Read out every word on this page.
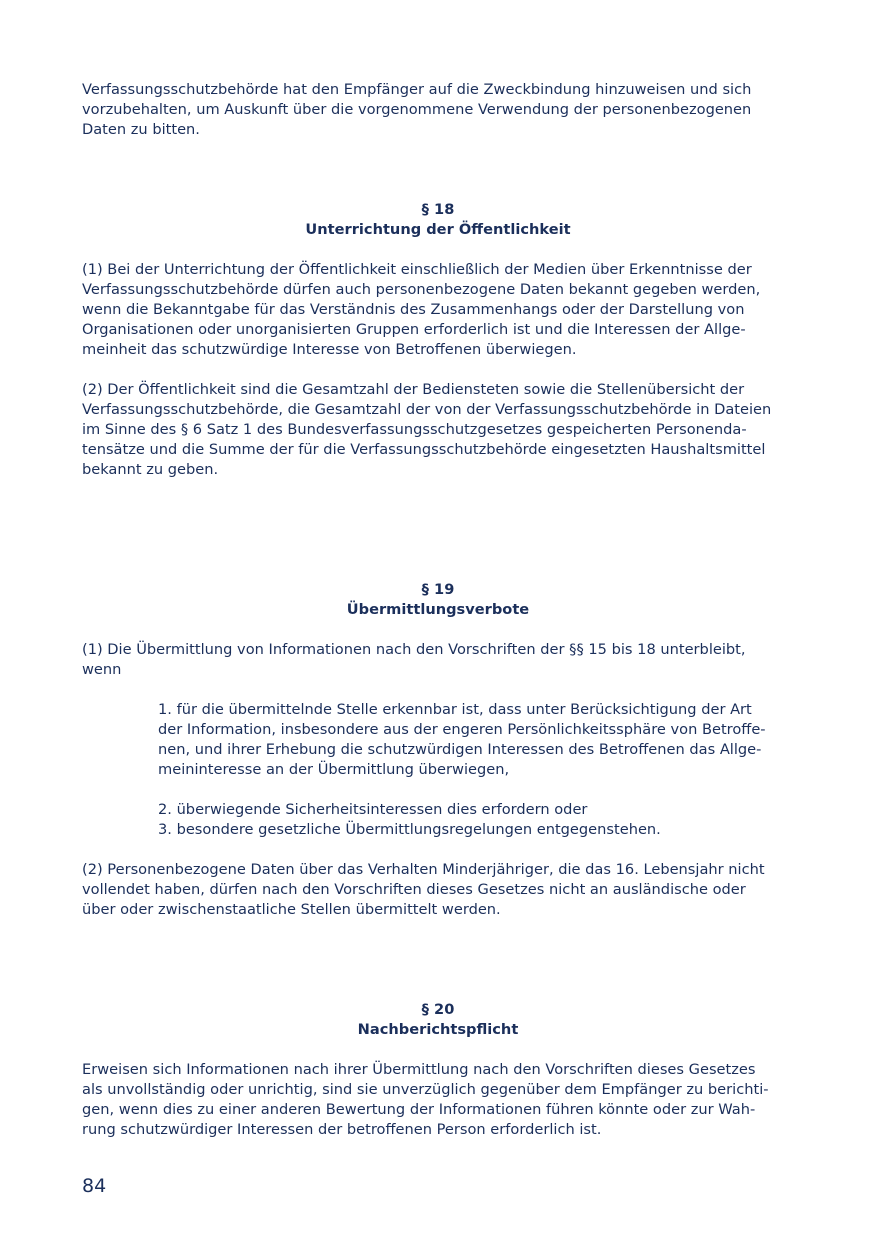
Verfassungsschutzbehörde hat den Empfänger auf die Zweckbindung hinzuweisen und sich
vorzubehalten, um Auskunft über die vorgenommene Verwendung der personenbezogenen
Daten zu bitten.
§ 18
Unterrichtung der Öffentlichkeit
(1) Bei der Unterrichtung der Öffentlichkeit einschließlich der Medien über Erkenntnisse der
Verfassungsschutzbehörde dürfen auch personenbezogene Daten bekannt gegeben werden,
wenn die Bekanntgabe für das Verständnis des Zusammenhangs oder der Darstellung von
Organisationen oder unorganisierten Gruppen erforderlich ist und die Interessen der Allge-
meinheit das schutzwürdige Interesse von Betroffenen überwiegen.
(2) Der Öffentlichkeit sind die Gesamtzahl der Bediensteten sowie die Stellenübersicht der
Verfassungsschutzbehörde, die Gesamtzahl der von der Verfassungsschutzbehörde in Dateien
im Sinne des § 6 Satz 1 des Bundesverfassungsschutzgesetzes gespeicherten Personenda-
tensätze und die Summe der für die Verfassungsschutzbehörde eingesetzten Haushaltsmittel
bekannt zu geben.
§ 19
Übermittlungsverbote
(1) Die Übermittlung von Informationen nach den Vorschriften der §§ 15 bis 18 unterbleibt,
wenn
1. für die übermittelnde Stelle erkennbar ist, dass unter Berücksichtigung der Art
der Information, insbesondere aus der engeren Persönlichkeitssphäre von Betroffe-
nen, und ihrer Erhebung die schutzwürdigen Interessen des Betroffenen das Allge-
meininteresse an der Übermittlung überwiegen,
2. überwiegende Sicherheitsinteressen dies erfordern oder
3. besondere gesetzliche Übermittlungsregelungen entgegenstehen.
(2) Personenbezogene Daten über das Verhalten Minderjähriger, die das 16. Lebensjahr nicht
vollendet haben, dürfen nach den Vorschriften dieses Gesetzes nicht an ausländische oder
über oder zwischenstaatliche Stellen übermittelt werden.
§ 20
Nachberichtspflicht
Erweisen sich Informationen nach ihrer Übermittlung nach den Vorschriften dieses Gesetzes
als unvollständig oder unrichtig, sind sie unverzüglich gegenüber dem Empfänger zu berichti-
gen, wenn dies zu einer anderen Bewertung der Informationen führen könnte oder zur Wah-
rung schutzwürdiger Interessen der betroffenen Person erforderlich ist.
84
